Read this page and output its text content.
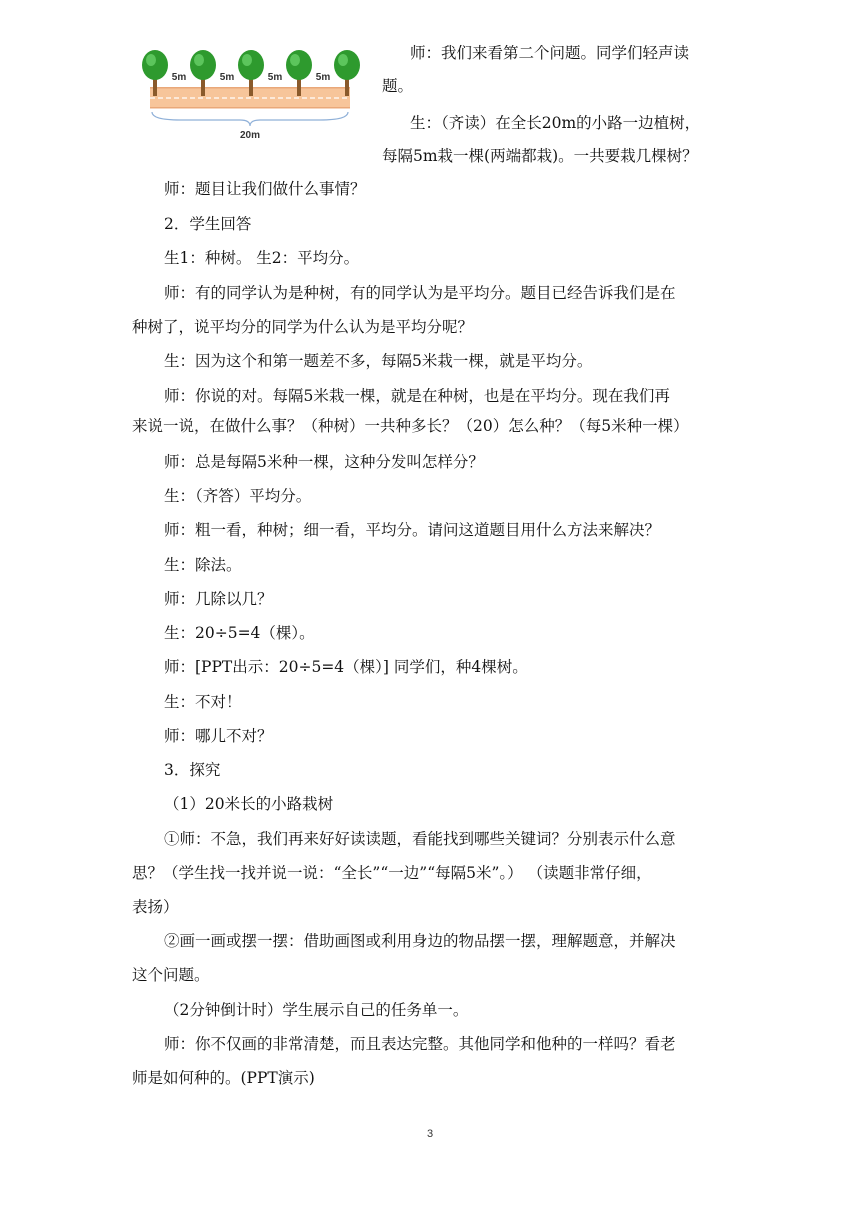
5m	5m	5m	5m
20m
师：我们来看第二个问题。同学们轻声读
题。
生：（齐读）在全长20m的小路一边植树，
每隔5m栽一棵(两端都栽)。一共要栽几棵树？
师：题目让我们做什么事情？
2．学生回答
生1：种树。 生2：平均分。
师：有的同学认为是种树，有的同学认为是平均分。题目已经告诉我们是在
种树了，说平均分的同学为什么认为是平均分呢？
生：因为这个和第一题差不多，每隔5米栽一棵，就是平均分。
师：你说的对。每隔5米栽一棵，就是在种树，也是在平均分。现在我们再
来说一说，在做什么事？（种树）一共种多长？（20）怎么种？（每5米种一棵）
师：总是每隔5米种一棵，这种分发叫怎样分？
生：（齐答）平均分。
师：粗一看，种树；细一看，平均分。请问这道题目用什么方法来解决？
生：除法。
师：几除以几？
生：20÷5=4（棵）。
师：[PPT出示：20÷5=4（棵）] 同学们，种4棵树。
生：不对！
师：哪儿不对？
3．探究
（1）20米长的小路栽树
①师：不急，我们再来好好读读题，看能找到哪些关键词？分别表示什么意
思？（学生找一找并说一说：“全长”“一边”“每隔5米”。） （读题非常仔细，
表扬）
②画一画或摆一摆：借助画图或利用身边的物品摆一摆，理解题意，并解决
这个问题。
（2分钟倒计时）学生展示自己的任务单一。
师：你不仅画的非常清楚，而且表达完整。其他同学和他种的一样吗？看老
师是如何种的。(PPT演示)
3
